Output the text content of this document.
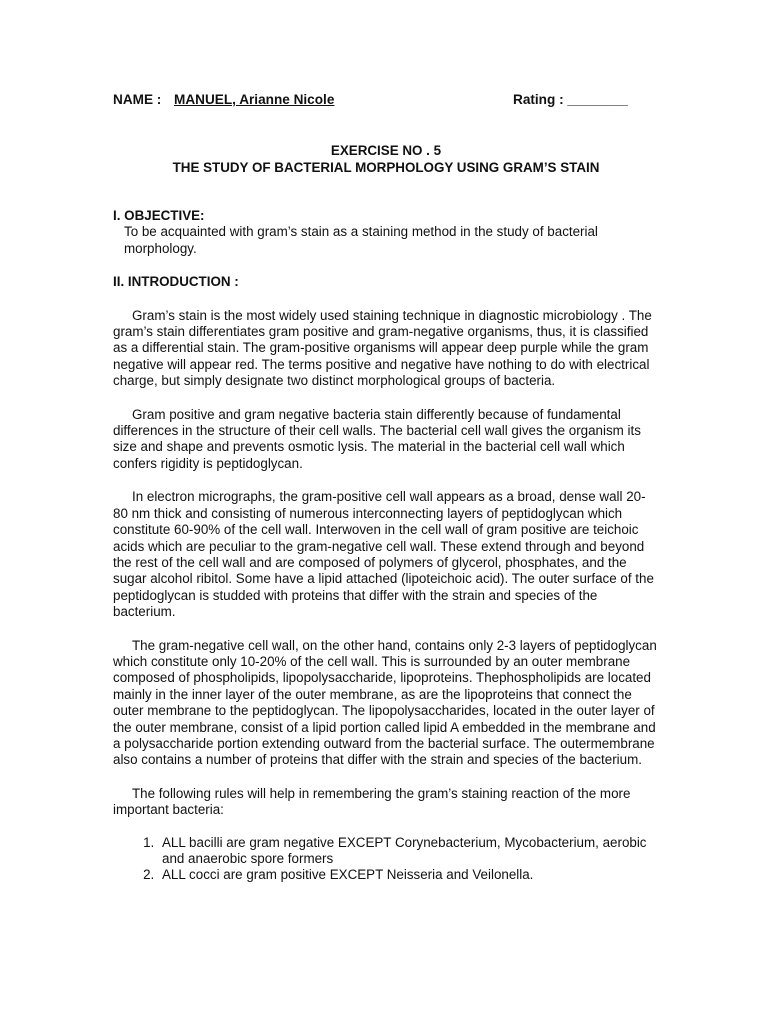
NAME : MANUEL, Arianne Nicole	Rating : ________
EXERCISE NO . 5
THE STUDY OF BACTERIAL MORPHOLOGY USING GRAM’S STAIN
I. OBJECTIVE:

To be acquainted with gram’s stain as a staining method in the study of bacterial morphology.

II. INTRODUCTION :

Gram’s stain is the most widely used staining technique in diagnostic microbiology . The gram’s stain differentiates gram positive and gram-negative organisms, thus, it is classified as a differential stain. The gram-positive organisms will appear deep purple while the gram negative will appear red. The terms positive and negative have nothing to do with electrical charge, but simply designate two distinct morphological groups of bacteria.

Gram positive and gram negative bacteria stain differently because of fundamental differences in the structure of their cell walls. The bacterial cell wall gives the organism its size and shape and prevents osmotic lysis. The material in the bacterial cell wall which confers rigidity is peptidoglycan.

In electron micrographs, the gram-positive cell wall appears as a broad, dense wall 20-80 nm thick and consisting of numerous interconnecting layers of peptidoglycan which constitute 60-90% of the cell wall. Interwoven in the cell wall of gram positive are teichoic acids which are peculiar to the gram-negative cell wall. These extend through and beyond the rest of the cell wall and are composed of polymers of glycerol, phosphates, and the sugar alcohol ribitol. Some have a lipid attached (lipoteichoic acid). The outer surface of the peptidoglycan is studded with proteins that differ with the strain and species of the bacterium.

The gram-negative cell wall, on the other hand, contains only 2-3 layers of peptidoglycan which constitute only 10-20% of the cell wall. This is surrounded by an outer membrane composed of phospholipids, lipopolysaccharide, lipoproteins. Thephospholipids are located mainly in the inner layer of the outer membrane, as are the lipoproteins that connect the outer membrane to the peptidoglycan. The lipopolysaccharides, located in the outer layer of the outer membrane, consist of a lipid portion called lipid A embedded in the membrane and a polysaccharide portion extending outward from the bacterial surface. The outermembrane also contains a number of proteins that differ with the strain and species of the bacterium.

The following rules will help in remembering the gram’s staining reaction of the more important bacteria:

1. ALL bacilli are gram negative EXCEPT Corynebacterium, Mycobacterium, aerobic and anaerobic spore formers
2. ALL cocci are gram positive EXCEPT Neisseria and Veilonella.
